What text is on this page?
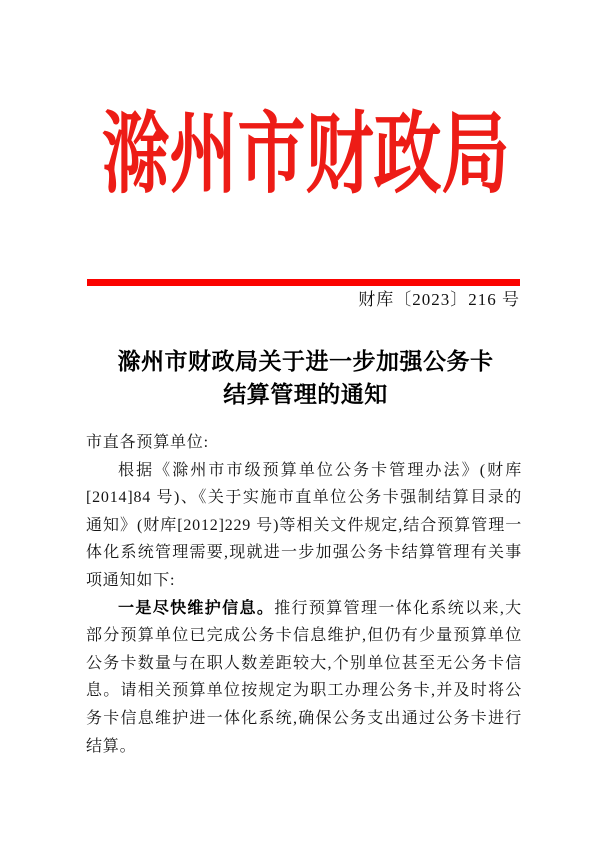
滁州市财政局
财库〔2023〕216 号
滁州市财政局关于进一步加强公务卡
结算管理的通知

市直各预算单位:

根据《滁州市市级预算单位公务卡管理办法》(财库[2014]84 号)、《关于实施市直单位公务卡强制结算目录的通知》(财库[2012]229 号)等相关文件规定,结合预算管理一体化系统管理需要,现就进一步加强公务卡结算管理有关事项通知如下:

一是尽快维护信息。推行预算管理一体化系统以来,大部分预算单位已完成公务卡信息维护,但仍有少量预算单位公务卡数量与在职人数差距较大,个别单位甚至无公务卡信息。请相关预算单位按规定为职工办理公务卡,并及时将公务卡信息维护进一体化系统,确保公务支出通过公务卡进行结算。
